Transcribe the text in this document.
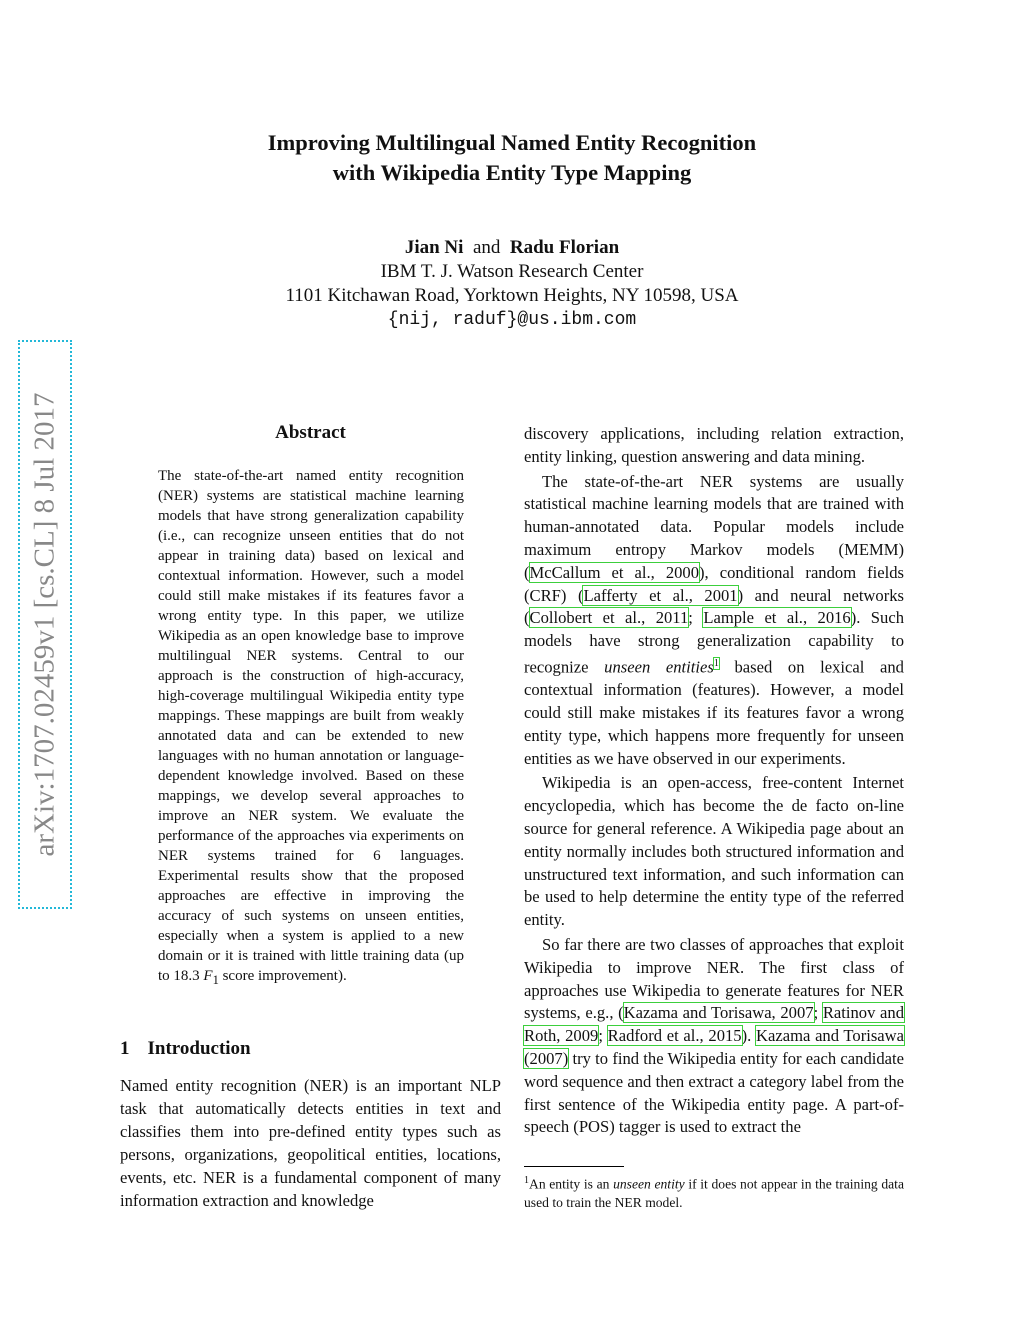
arXiv:1707.02459v1 [cs.CL] 8 Jul 2017
Improving Multilingual Named Entity Recognition
with Wikipedia Entity Type Mapping
Jian Ni and Radu Florian
IBM T. J. Watson Research Center
1101 Kitchawan Road, Yorktown Heights, NY 10598, USA
{nij, raduf}@us.ibm.com
Abstract
The state-of-the-art named entity recognition (NER) systems are statistical machine learning models that have strong generalization capability (i.e., can recognize unseen entities that do not appear in training data) based on lexical and contextual information. However, such a model could still make mistakes if its features favor a wrong entity type. In this paper, we utilize Wikipedia as an open knowledge base to improve multilingual NER systems. Central to our approach is the construction of high-accuracy, high-coverage multilingual Wikipedia entity type mappings. These mappings are built from weakly annotated data and can be extended to new languages with no human annotation or language-dependent knowledge involved. Based on these mappings, we develop several approaches to improve an NER system. We evaluate the performance of the approaches via experiments on NER systems trained for 6 languages. Experimental results show that the proposed approaches are effective in improving the accuracy of such systems on unseen entities, especially when a system is applied to a new domain or it is trained with little training data (up to 18.3 $F_1$ score improvement).
1 Introduction
Named entity recognition (NER) is an important NLP task that automatically detects entities in text and classifies them into pre-defined entity types such as persons, organizations, geopolitical entities, locations, events, etc. NER is a fundamental component of many information extraction and knowledge

discovery applications, including relation extraction, entity linking, question answering and data mining.

The state-of-the-art NER systems are usually statistical machine learning models that are trained with human-annotated data. Popular models include maximum entropy Markov models (MEMM) (McCallum et al., 2000), conditional random fields (CRF) (Lafferty et al., 2001) and neural networks (Collobert et al., 2011; Lample et al., 2016). Such models have strong generalization capability to recognize unseen entities$^1$ based on lexical and contextual information (features). However, a model could still make mistakes if its features favor a wrong entity type, which happens more frequently for unseen entities as we have observed in our experiments.

Wikipedia is an open-access, free-content Internet encyclopedia, which has become the de facto on-line source for general reference. A Wikipedia page about an entity normally includes both structured information and unstructured text information, and such information can be used to help determine the entity type of the referred entity.

So far there are two classes of approaches that exploit Wikipedia to improve NER. The first class of approaches use Wikipedia to generate features for NER systems, e.g., (Kazama and Torisawa, 2007; Ratinov and Roth, 2009; Radford et al., 2015). Kazama and Torisawa (2007) try to find the Wikipedia entity for each candidate word sequence and then extract a category label from the first sentence of the Wikipedia entity page. A part-of-speech (POS) tagger is used to extract the

$^1$An entity is an unseen entity if it does not appear in the training data used to train the NER model.
